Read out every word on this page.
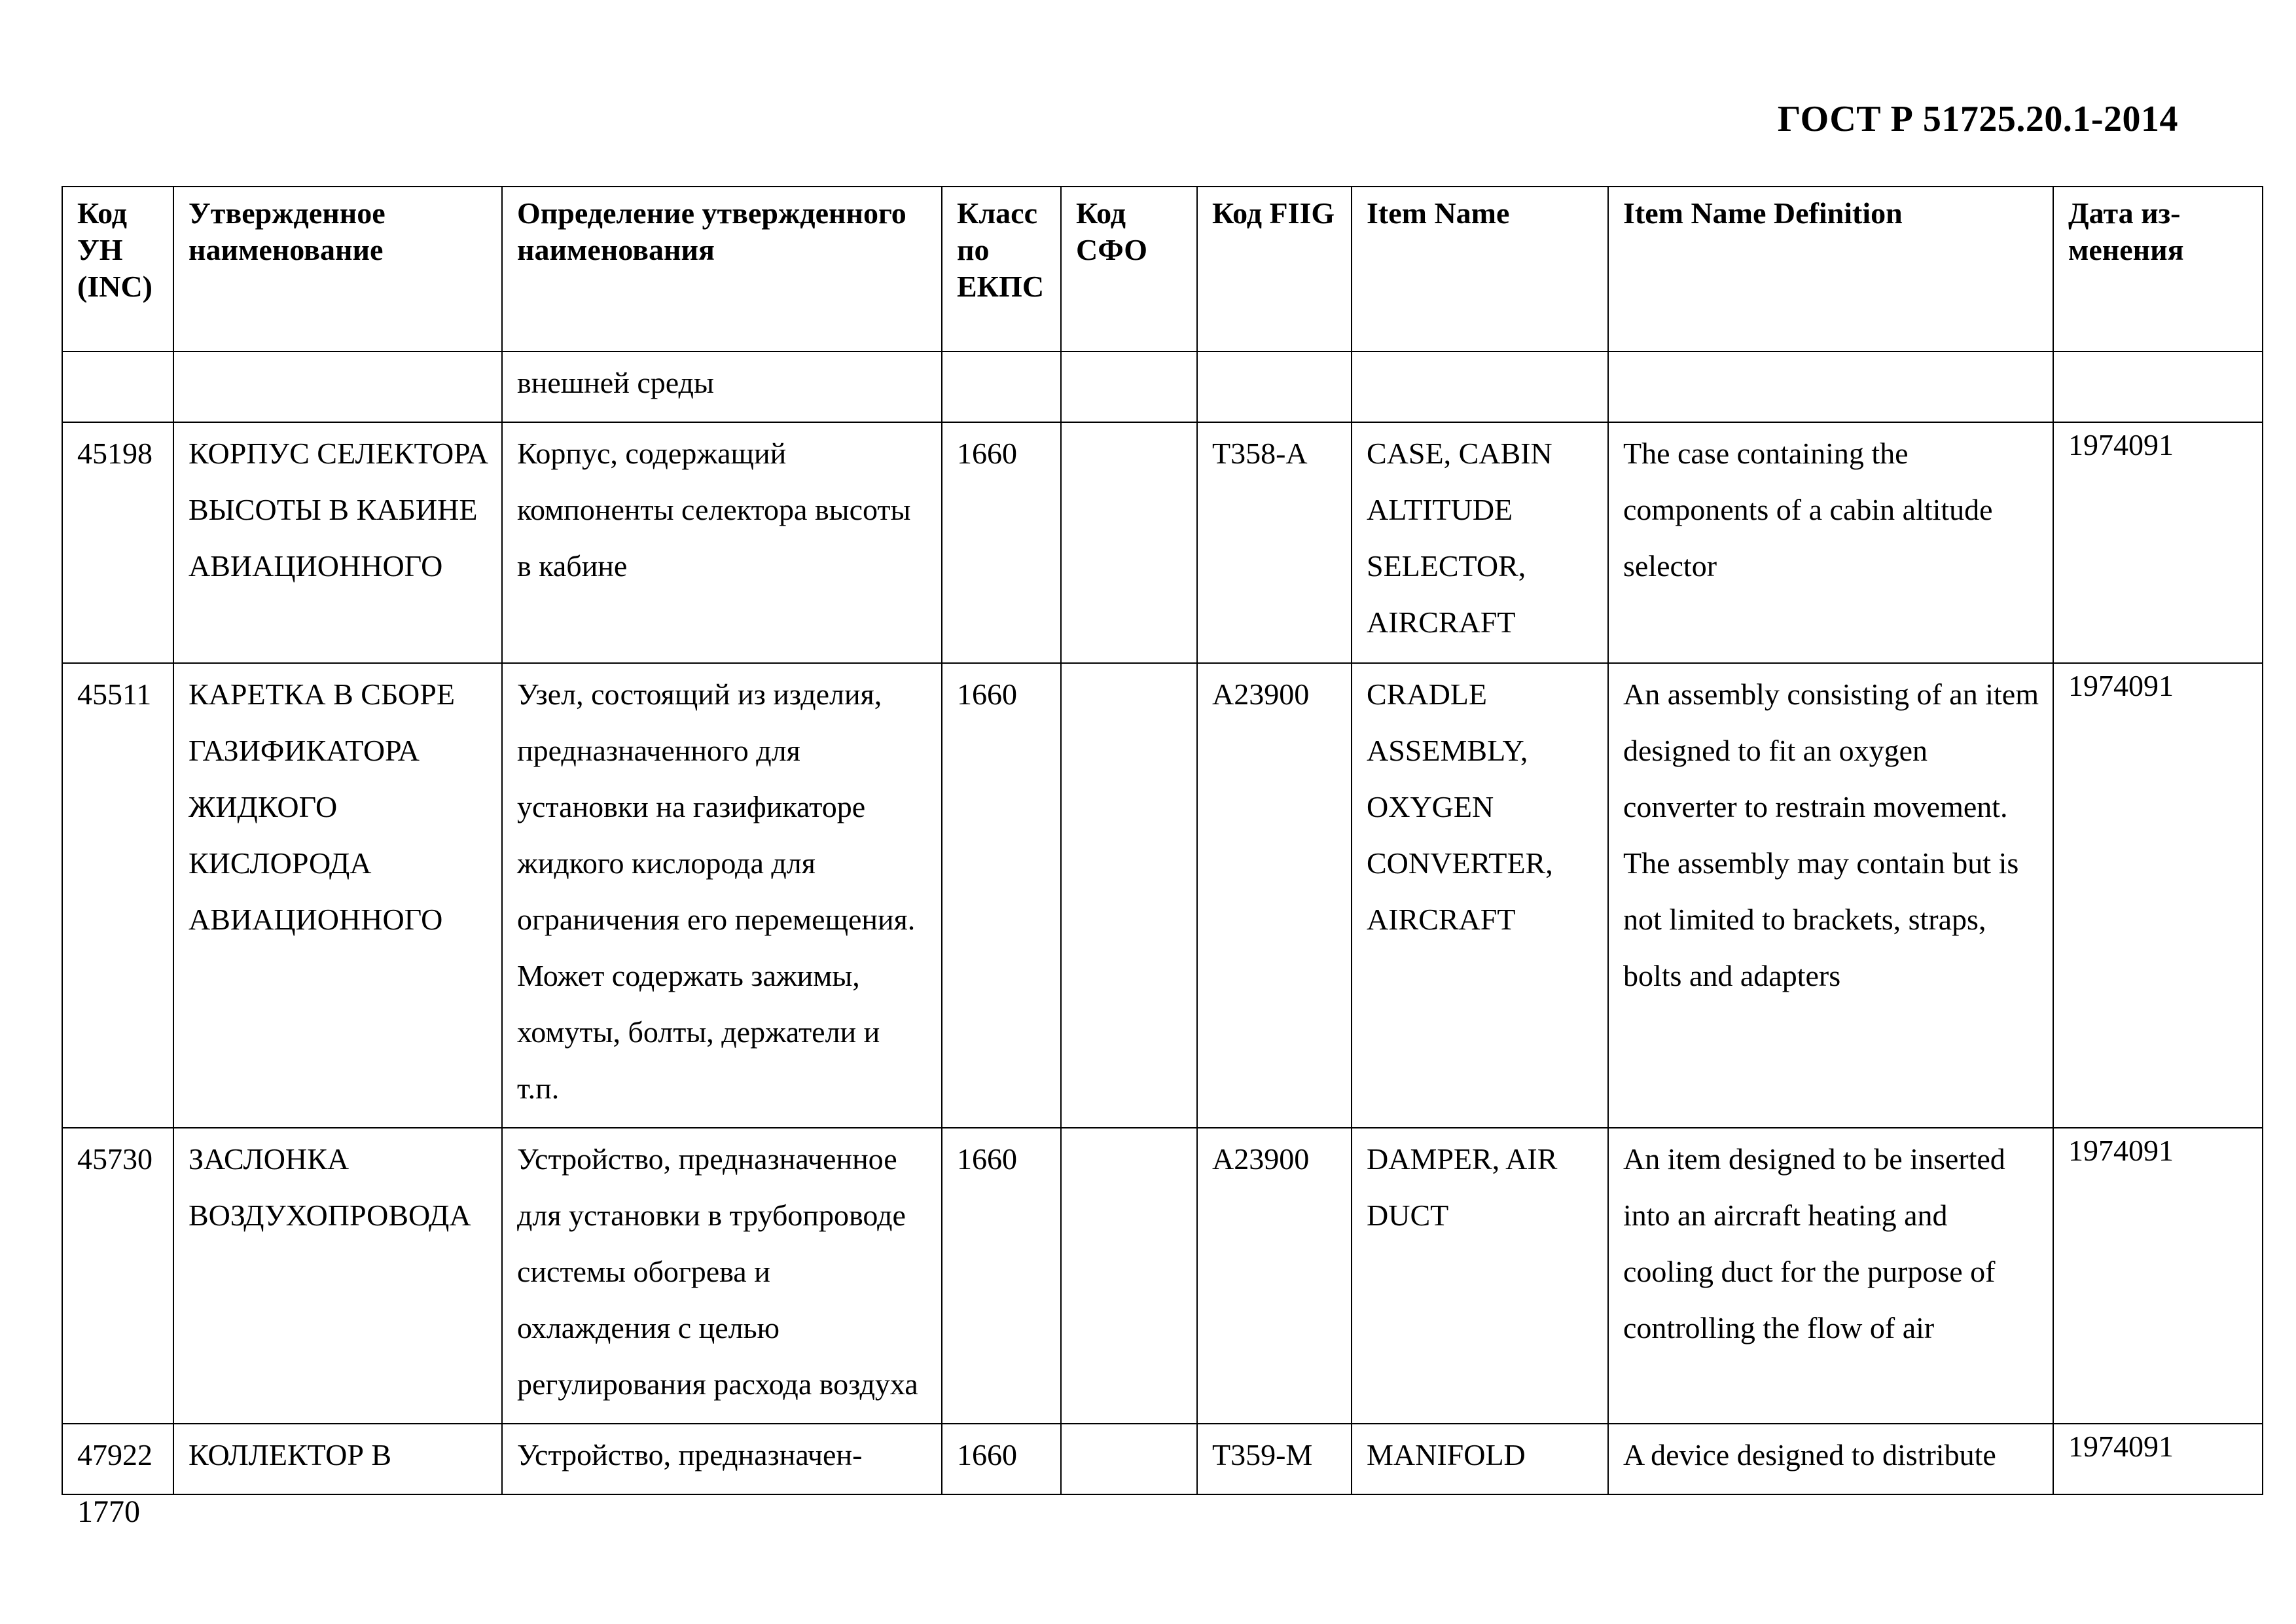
ГОСТ Р 51725.20.1-2014
Код УН (INC)	Утвержденное наименование	Определение утвержденного наименования	Класс по ЕКПС	Код СФО	Код FIIG	Item Name	Item Name Definition	Дата из-менения
		внешней среды						
45198	КОРПУС СЕЛЕКТОРА ВЫСОТЫ В КАБИНЕ АВИАЦИОННОГО	Корпус, содержащий компоненты селектора высоты в кабине	1660		T358-A	CASE, CABIN ALTITUDE SELECTOR, AIRCRAFT	The case containing the components of a cabin altitude selector	1974091
45511	КАРЕТКА В СБОРЕ ГАЗИФИКАТОРА ЖИДКОГО КИСЛОРОДА АВИАЦИОННОГО	Узел, состоящий из изделия, предназначенного для установки на газификаторе жидкого кислорода для ограничения его перемещения. Может содержать зажимы, хомуты, болты, держатели и т.п.	1660		A23900	CRADLE ASSEMBLY, OXYGEN CONVERTER, AIRCRAFT	An assembly consisting of an item designed to fit an oxygen converter to restrain movement. The assembly may contain but is not limited to brackets, straps, bolts and adapters	1974091
45730	ЗАСЛОНКА ВОЗДУХОПРОВОДА	Устройство, предназначенное для установки в трубопроводе системы обогрева и охлаждения с целью регулирования расхода воздуха	1660		A23900	DAMPER, AIR DUCT	An item designed to be inserted into an aircraft heating and cooling duct for the purpose of controlling the flow of air	1974091
47922	КОЛЛЕКТОР В	Устройство, предназначен-	1660		T359-M	MANIFOLD	A device designed to distribute	1974091
1770
